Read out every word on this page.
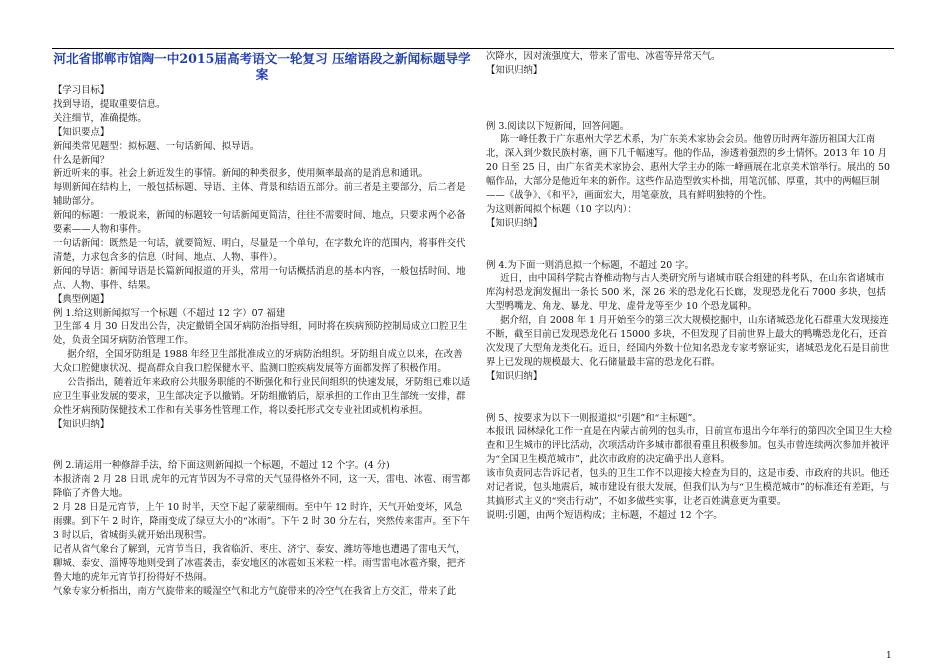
河北省邯郸市馆陶一中2015届高考语文一轮复习 压缩语段之新闻标题导学案

【学习目标】

找到导语，提取重要信息。

关注细节，准确提炼。

【知识要点】

新闻类常见题型：拟标题、一句话新闻、拟导语。

什么是新闻？

新近听来的事。社会上新近发生的事情。新闻的种类很多，使用频率最高的是消息和通讯。

每则新闻在结构上，一般包括标题、导语、主体、背景和结语五部分。前三者是主要部分，后二者是辅助部分。

新闻的标题：一般说来，新闻的标题较一句话新闻更简洁，往往不需要时间、地点，只要求两个必备要素——人物和事件。

一句话新闻：既然是一句话，就要简短、明白，尽量是一个单句，在字数允许的范围内，将事件交代清楚，力求包含多的信息（时间、地点、人物、事件）。

新闻的导语：新闻导语是长篇新闻报道的开头，常用一句话概括消息的基本内容，一般包括时间、地点、人物、事件、结果。

【典型例题】

例 1.给这则新闻拟写一个标题（不超过 12 字）07 福建

卫生部 4 月 30 日发出公告，决定撤销全国牙病防治指导组，同时将在疾病预防控制局成立口腔卫生处，负责全国牙病防治管理工作。

据介绍，全国牙防组是 1988 年经卫生部批准成立的牙病防治组织。牙防组自成立以来，在改善大众口腔健康状况、提高群众自我口腔保健水平、监测口腔疾病发展等方面都发挥了积极作用。

公告指出，随着近年来政府公共服务职能的不断强化和行业民间组织的快速发展，牙防组已难以适应卫生事业发展的要求，卫生部决定予以撤销。牙防组撤销后，原承担的工作由卫生部统一安排，群众性牙病预防保健技术工作和有关事务性管理工作，将以委托形式交专业社团或机构承担。

【知识归纳】

例 2.请运用一种修辞手法，给下面这则新闻拟一个标题，不超过 12 个字。(4 分)

本报济南 2 月 28 日讯 虎年的元宵节因为不寻常的天气显得格外不同，这一天，雷电、冰雹、雨雪都降临了齐鲁大地。

2 月 28 日是元宵节，上午 10 时半，天空下起了蒙蒙细雨。至中午 12 时许，天气开始变坏，风急雨骤。到下午 2 时许，降雨变成了绿豆大小的“冰雨”。下午 2 时 30 分左右，突然传来雷声。至下午 3 时以后，省城街头就开始出现积雪。

记者从省气象台了解到，元宵节当日，我省临沂、枣庄、济宁、泰安、潍坊等地也遭遇了雷电天气，聊城、泰安、淄博等地则受到了冰雹袭击，泰安地区的冰雹如玉米粒一样。雨雪雷电冰雹齐聚，把齐鲁大地的虎年元宵节打扮得好不热闹。

气象专家分析指出，南方气旋带来的暖湿空气和北方气旋带来的冷空气在我省上方交汇，带来了此

次降水，因对流强度大，带来了雷电、冰雹等异常天气。

【知识归纳】

例 3.阅读以下短新闻，回答问题。

陈一峰任教于广东惠州大学艺术系，为广东美术家协会会员。他曾历时两年游历祖国大江南北，深入到少数民族村寨，画下几千幅速写。他的作品，渗透着强烈的乡土情怀。2013 年 10 月 20 日至 25 日，由广东省美术家协会、惠州大学主办的陈一峰画展在北京美术馆举行。展出的 50 幅作品，大部分是他近年来的新作。这些作品造型敦实朴拙，用笔沉郁、厚重，其中的两幅巨制——《战争》、《和平》，画面宏大，用笔豪放，具有鲜明独特的个性。

为这则新闻拟个标题（10 字以内）：

【知识归纳】

例 4.为下面一则消息拟一个标题，不超过 20 字。

近日，由中国科学院古脊椎动物与古人类研究所与诸城市联合组建的科考队，在山东省诸城市库沟村恐龙涧发掘出一条长 500 米，深 26 米的恐龙化石长廊，发现恐龙化石 7000 多块，包括大型鸭嘴龙、角龙、暴龙、甲龙、虚骨龙等至少 10 个恐龙属种。

据介绍，自 2008 年 1 月开始至今的第三次大规模挖掘中，山东诸城恐龙化石群重大发现接连不断，截至目前已发现恐龙化石 15000 多块，不但发现了目前世界上最大的鸭嘴恐龙化石，还首次发现了大型角龙类化石。近日，经国内外数十位知名恐龙专家考察证实，诸城恐龙化石是目前世界上已发现的规模最大、化石储量最丰富的恐龙化石群。

【知识归纳】

例 5、按要求为以下一则报道拟“引题”和“主标题”。

本报讯 园林绿化工作一直是在内蒙古前列的包头市，日前宣布退出今年举行的第四次全国卫生大检查和卫生城市的评比活动，次项活动许多城市都很看重且积极参加。包头市曾连续两次参加并被评为“全国卫生模范城市”，此次市政府的决定确乎出人意料。

该市负责同志告诉记者，包头的卫生工作不以迎接大检查为目的，这是市委、市政府的共识。他还对记者说，包头地震后，城市建设有很大发展，但我们认为与“卫生模范城市”的标准还有差距，与其搞形式主义的“突击行动”，不如多做些实事，让老百姓满意更为重要。

说明:引题，由两个短语构成；主标题，不超过 12 个字。

1
